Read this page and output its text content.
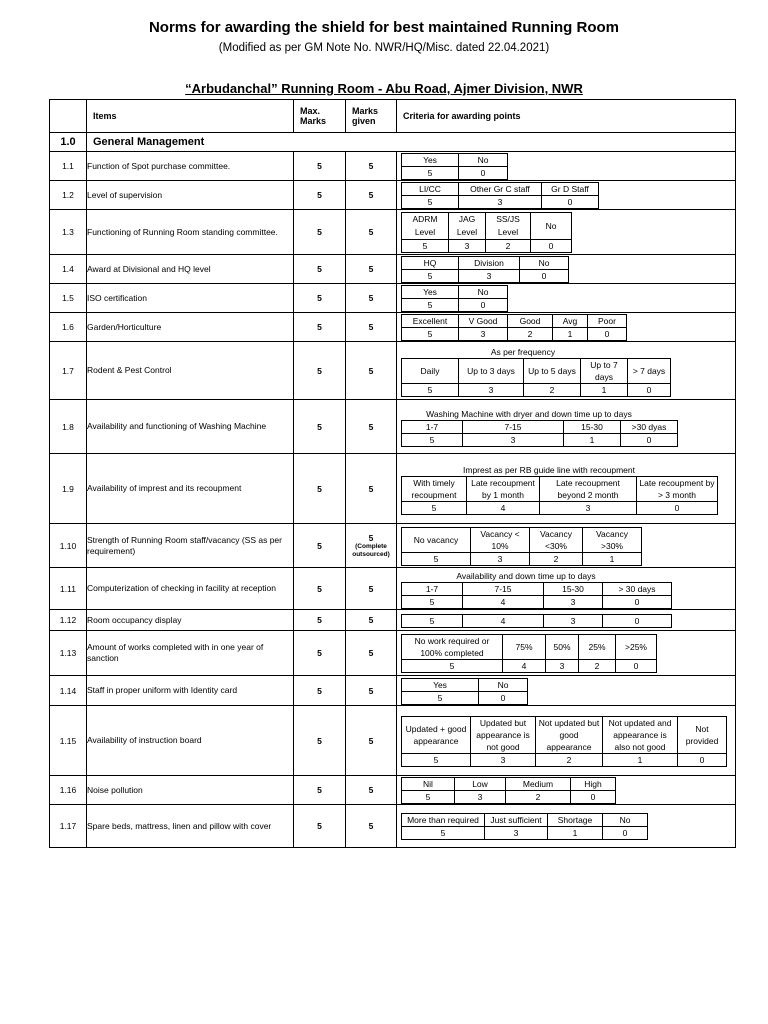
Norms for awarding the shield for best maintained Running Room
(Modified as per GM Note No. NWR/HQ/Misc. dated 22.04.2021)
“Arbudanchal” Running Room - Abu Road, Ajmer Division, NWR
	Items	Max. Marks	Marks given	Criteria for awarding points
1.0	General Management
1.1	Function of Spot purchase committee.	5	5	
Yes	No
5	0

1.2	Level of supervision	5	5	
LI/CC	Other Gr C staff	Gr D Staff
5	3	0

1.3	Functioning of Running Room standing committee.	5	5	
ADRM Level	JAG Level	SS/JS Level	No
5	3	2	0

1.4	Award at Divisional and HQ level	5	5	
HQ	Division	No
5	3	0

1.5	ISO certification	5	5	
Yes	No
5	0

1.6	Garden/Horticulture	5	5	
Excellent	V Good	Good	Avg	Poor
5	3	2	1	0

1.7	Rodent & Pest Control	5	5	
As per frequency
Daily	Up to 3 days	Up to 5 days	Up to 7 days	> 7 days
5	3	2	1	0

1.8	Availability and functioning of Washing Machine	5	5	
Washing Machine with dryer and down time up to days
1-7	7-15	15-30	>30 dyas
5	3	1	0

1.9	Availability of imprest and its recoupment	5	5	
Imprest as per RB guide line with recoupment
With timely recoupment	Late recoupment by 1 month	Late recoupment beyond 2 month	Late recoupment by > 3 month
5	4	3	0

1.10	Strength of Running Room staff/vacancy (SS as per requirement)	5	5
(Complete outsourced)

No vacancy	Vacancy < 10%	Vacancy <30%	Vacancy >30%
5	3	2	1

1.11	Computerization of checking in facility at reception	5	5	
Availability and down time up to days
1-7	7-15	15-30	> 30 days
5	4	3	0

1.12	Room occupancy display	5	5		5	4	3	0

1.13	Amount of works completed with in one year of sanction	5	5	
No work required or 100% completed	75%	50%	25%	>25%
5	4	3	2	0

1.14	Staff in proper uniform with Identity card	5	5	
Yes	No
5	0

1.15	Availability of instruction board	5	5	
Updated + good appearance	Updated but appearance is not good	Not updated but good appearance	Not updated and appearance is also not good	Not provided
5	3	2	1	0

1.16	Noise pollution	5	5	
Nil	Low	Medium	High
5	3	2	0

1.17	Spare beds, mattress, linen and pillow with cover	5	5	
More than required	Just sufficient	Shortage	No
5	3	1	0
